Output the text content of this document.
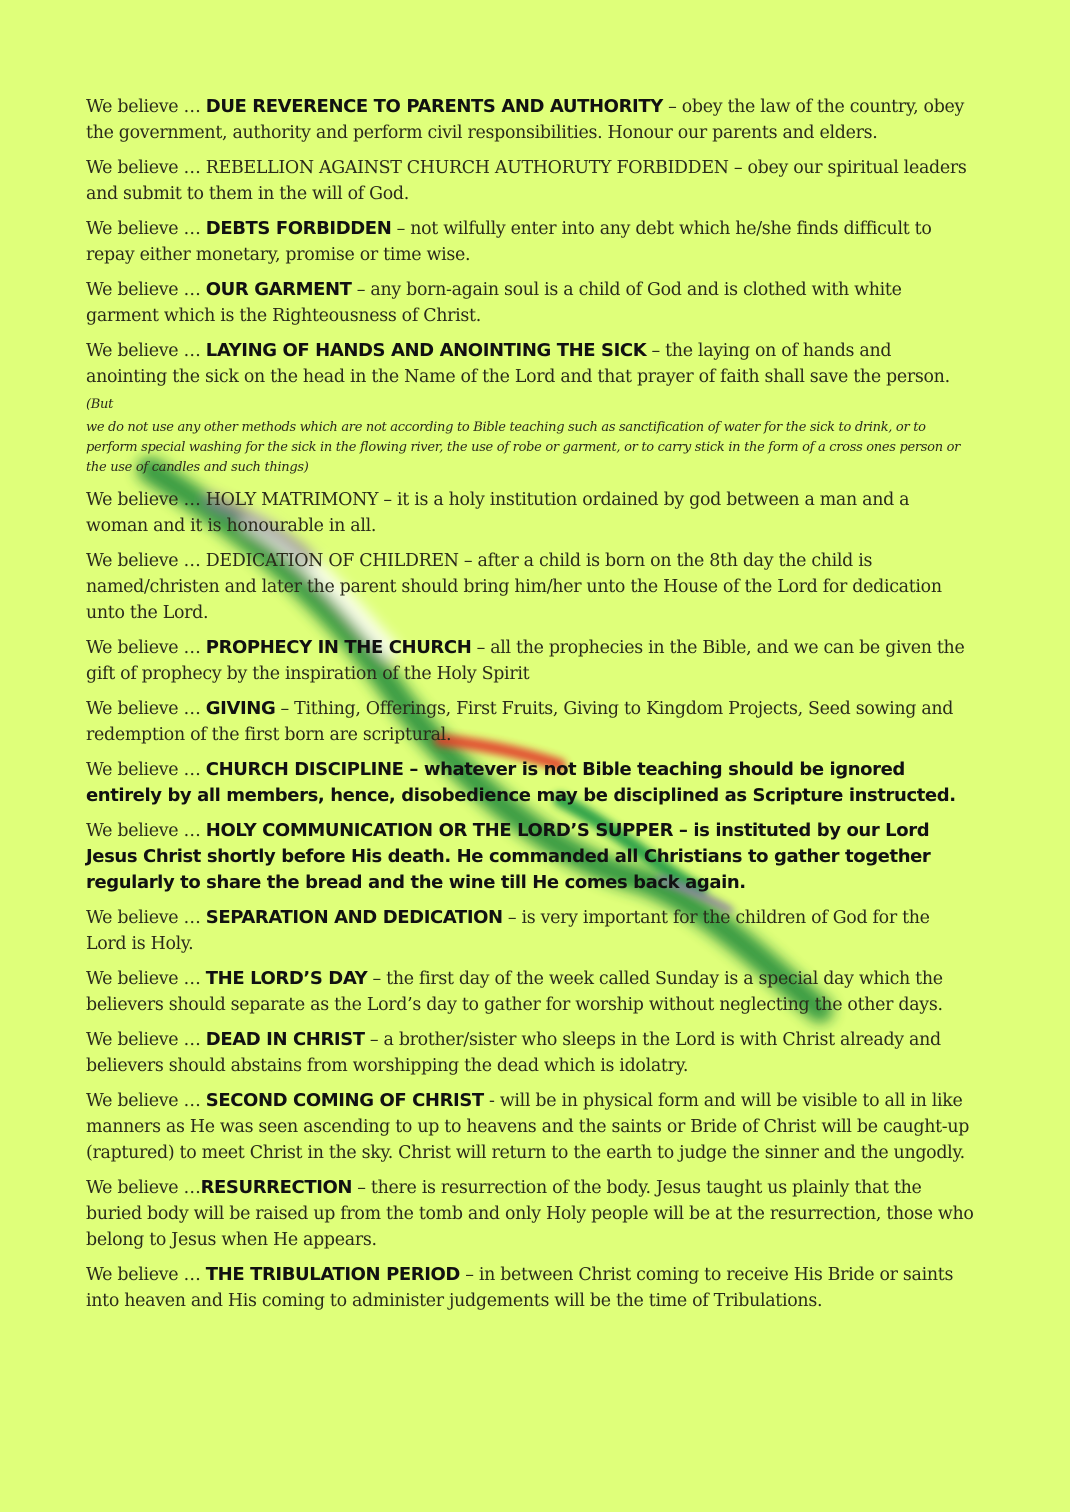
We believe … DUE REVERENCE TO PARENTS AND AUTHORITY – obey the law of the country, obey the government, authority and perform civil responsibilities. Honour our parents and elders.

We believe … REBELLION AGAINST CHURCH AUTHORUTY FORBIDDEN – obey our spiritual leaders and submit to them in the will of God.

We believe … DEBTS FORBIDDEN – not wilfully enter into any debt which he/she finds difficult to repay either monetary, promise or time wise.

We believe … OUR GARMENT – any born-again soul is a child of God and is clothed with white garment which is the Righteousness of Christ.

We believe … LAYING OF HANDS AND ANOINTING THE SICK – the laying on of hands and anointing the sick on the head in the Name of the Lord and that prayer of faith shall save the person. (But
we do not use any other methods which are not according to Bible teaching such as sanctification of water for the sick to drink, or to perform special washing for the sick in the flowing river, the use of robe or garment, or to carry stick in the form of a cross ones person or the use of candles and such things)

We believe … HOLY MATRIMONY – it is a holy institution ordained by god between a man and a woman and it is honourable in all.

We believe … DEDICATION OF CHILDREN – after a child is born on the 8th day the child is named/christen and later the parent should bring him/her unto the House of the Lord for dedication unto the Lord.

We believe … PROPHECY IN THE CHURCH – all the prophecies in the Bible, and we can be given the gift of prophecy by the inspiration of the Holy Spirit

We believe … GIVING – Tithing, Offerings, First Fruits, Giving to Kingdom Projects, Seed sowing and redemption of the first born are scriptural.

We believe … CHURCH DISCIPLINE – whatever is not Bible teaching should be ignored entirely by all members, hence, disobedience may be disciplined as Scripture instructed.

We believe … HOLY COMMUNICATION OR THE LORD’S SUPPER – is instituted by our Lord Jesus Christ shortly before His death. He commanded all Christians to gather together regularly to share the bread and the wine till He comes back again.

We believe … SEPARATION AND DEDICATION – is very important for the children of God for the Lord is Holy.

We believe … THE LORD’S DAY – the first day of the week called Sunday is a special day which the believers should separate as the Lord’s day to gather for worship without neglecting the other days.

We believe … DEAD IN CHRIST – a brother/sister who sleeps in the Lord is with Christ already and believers should abstains from worshipping the dead which is idolatry.

We believe … SECOND COMING OF CHRIST - will be in physical form and will be visible to all in like manners as He was seen ascending to up to heavens and the saints or Bride of Christ will be caught-up (raptured) to meet Christ in the sky. Christ will return to the earth to judge the sinner and the ungodly.

We believe …RESURRECTION – there is resurrection of the body. Jesus taught us plainly that the buried body will be raised up from the tomb and only Holy people will be at the resurrection, those who belong to Jesus when He appears.

We believe … THE TRIBULATION PERIOD – in between Christ coming to receive His Bride or saints into heaven and His coming to administer judgements will be the time of Tribulations.
